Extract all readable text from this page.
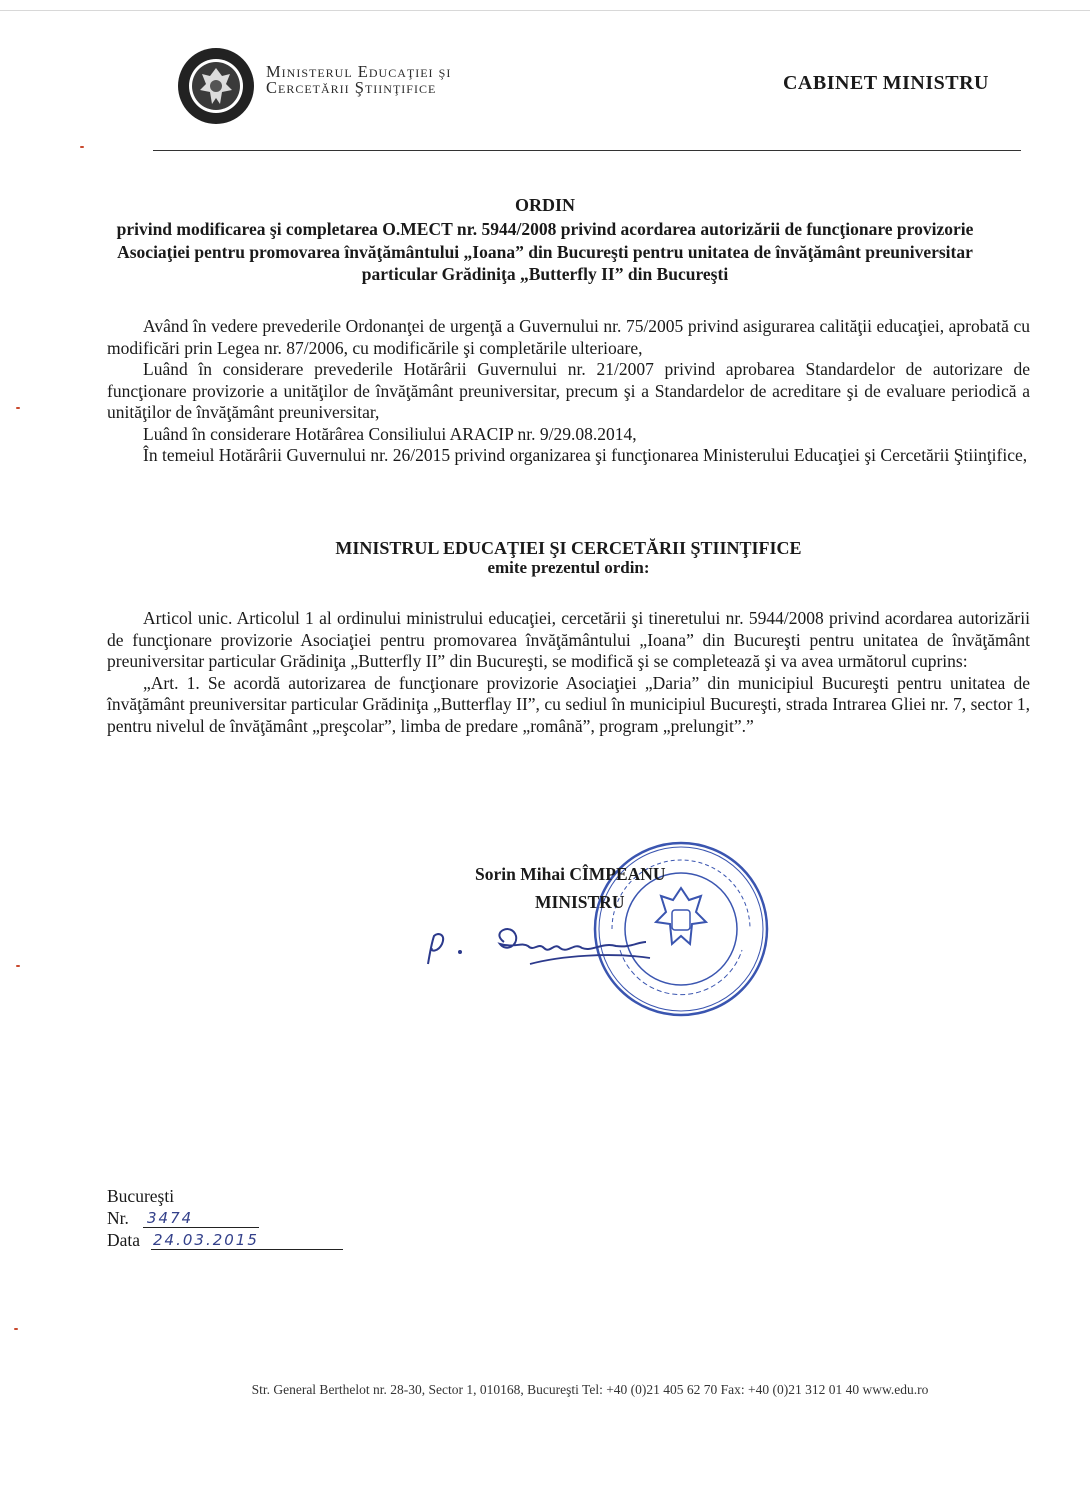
Ministerul Educaţiei şi
Cercetării Ştiinţifice	CABINET MINISTRU
ORDIN
privind modificarea şi completarea O.MECT nr. 5944/2008 privind acordarea autorizării de funcţionare provizorie Asociaţiei pentru promovarea învăţământului „Ioana” din Bucureşti pentru unitatea de învăţământ preuniversitar particular Grădiniţa „Butterfly II” din Bucureşti

Având în vedere prevederile Ordonanţei de urgenţă a Guvernului nr. 75/2005 privind asigurarea calităţii educaţiei, aprobată cu modificări prin Legea nr. 87/2006, cu modificările şi completările ulterioare,

Luând în considerare prevederile Hotărârii Guvernului nr. 21/2007 privind aprobarea Standardelor de autorizare de funcţionare provizorie a unităţilor de învăţământ preuniversitar, precum şi a Standardelor de acreditare şi de evaluare periodică a unităţilor de învăţământ preuniversitar,

Luând în considerare Hotărârea Consiliului ARACIP nr. 9/29.08.2014,

În temeiul Hotărârii Guvernului nr. 26/2015 privind organizarea şi funcţionarea Ministerului Educaţiei şi Cercetării Ştiinţifice,

MINISTRUL EDUCAŢIEI ŞI CERCETĂRII ŞTIINŢIFICE
emite prezentul ordin:

Articol unic. Articolul 1 al ordinului ministrului educaţiei, cercetării şi tineretului nr. 5944/2008 privind acordarea autorizării de funcţionare provizorie Asociaţiei pentru promovarea învăţământului „Ioana” din Bucureşti pentru unitatea de învăţământ preuniversitar particular Grădiniţa „Butterfly II” din Bucureşti, se modifică şi se completează şi va avea următorul cuprins:

„Art. 1. Se acordă autorizarea de funcţionare provizorie Asociaţiei „Daria” din municipiul Bucureşti pentru unitatea de învăţământ preuniversitar particular Grădiniţa „Butterflay II”, cu sediul în municipiul Bucureşti, strada Intrarea Gliei nr. 7, sector 1, pentru nivelul de învăţământ „preşcolar”, limba de predare „română”, program „prelungit”.”

Sorin Mihai CÎMPEANU
MINISTRU
Bucureşti
Nr. 3474
Data 24.03.2015
Str. General Berthelot nr. 28-30, Sector 1, 010168, Bucureşti Tel: +40 (0)21 405 62 70 Fax: +40 (0)21 312 01 40 www.edu.ro
